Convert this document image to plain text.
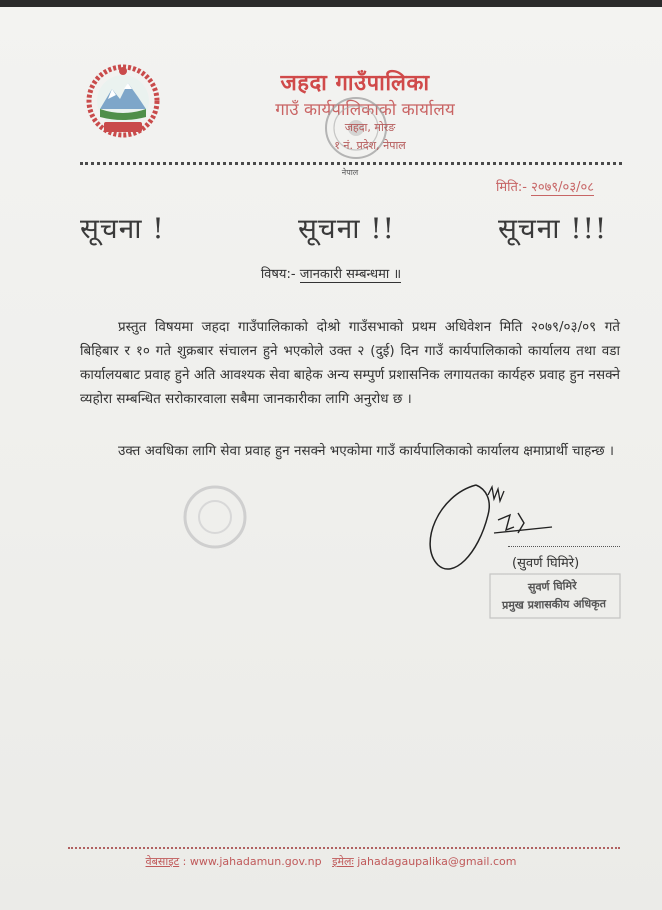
जहदा गाउँपालिका
गाउँ कार्यपालिकाको कार्यालय
जहदा, मोरङ
१ नं. प्रदेश, नेपाल
नेपाल
मिति:- २०७९/०३/०८
सूचना !	सूचना !!	सूचना !!!
विषय:- जानकारी सम्बन्धमा ॥
प्रस्तुत विषयमा जहदा गाउँपालिकाको दोश्रो गाउँसभाको प्रथम अधिवेशन मिति २०७९/०३/०९ गते बिहिबार र १० गते शुक्रबार संचालन हुने भएकोले उक्त २ (दुई) दिन गाउँ कार्यपालिकाको कार्यालय तथा वडा कार्यालयबाट प्रवाह हुने अति आवश्यक सेवा बाहेक अन्य सम्पुर्ण प्रशासनिक लगायतका कार्यहरु प्रवाह हुन नसक्ने व्यहोरा सम्बन्धित सरोकारवाला सबैमा जानकारीका लागि अनुरोध छ ।
उक्त अवधिका लागि सेवा प्रवाह हुन नसक्ने भएकोमा गाउँ कार्यपालिकाको कार्यालय क्षमाप्रार्थी चाहन्छ ।
(सुवर्ण घिमिरे)
सुवर्ण घिमिरे
प्रमुख प्रशासकीय अधिकृत
वेबसाइट : www.jahadamun.gov.np इमेलः jahadagaupalika@gmail.com
